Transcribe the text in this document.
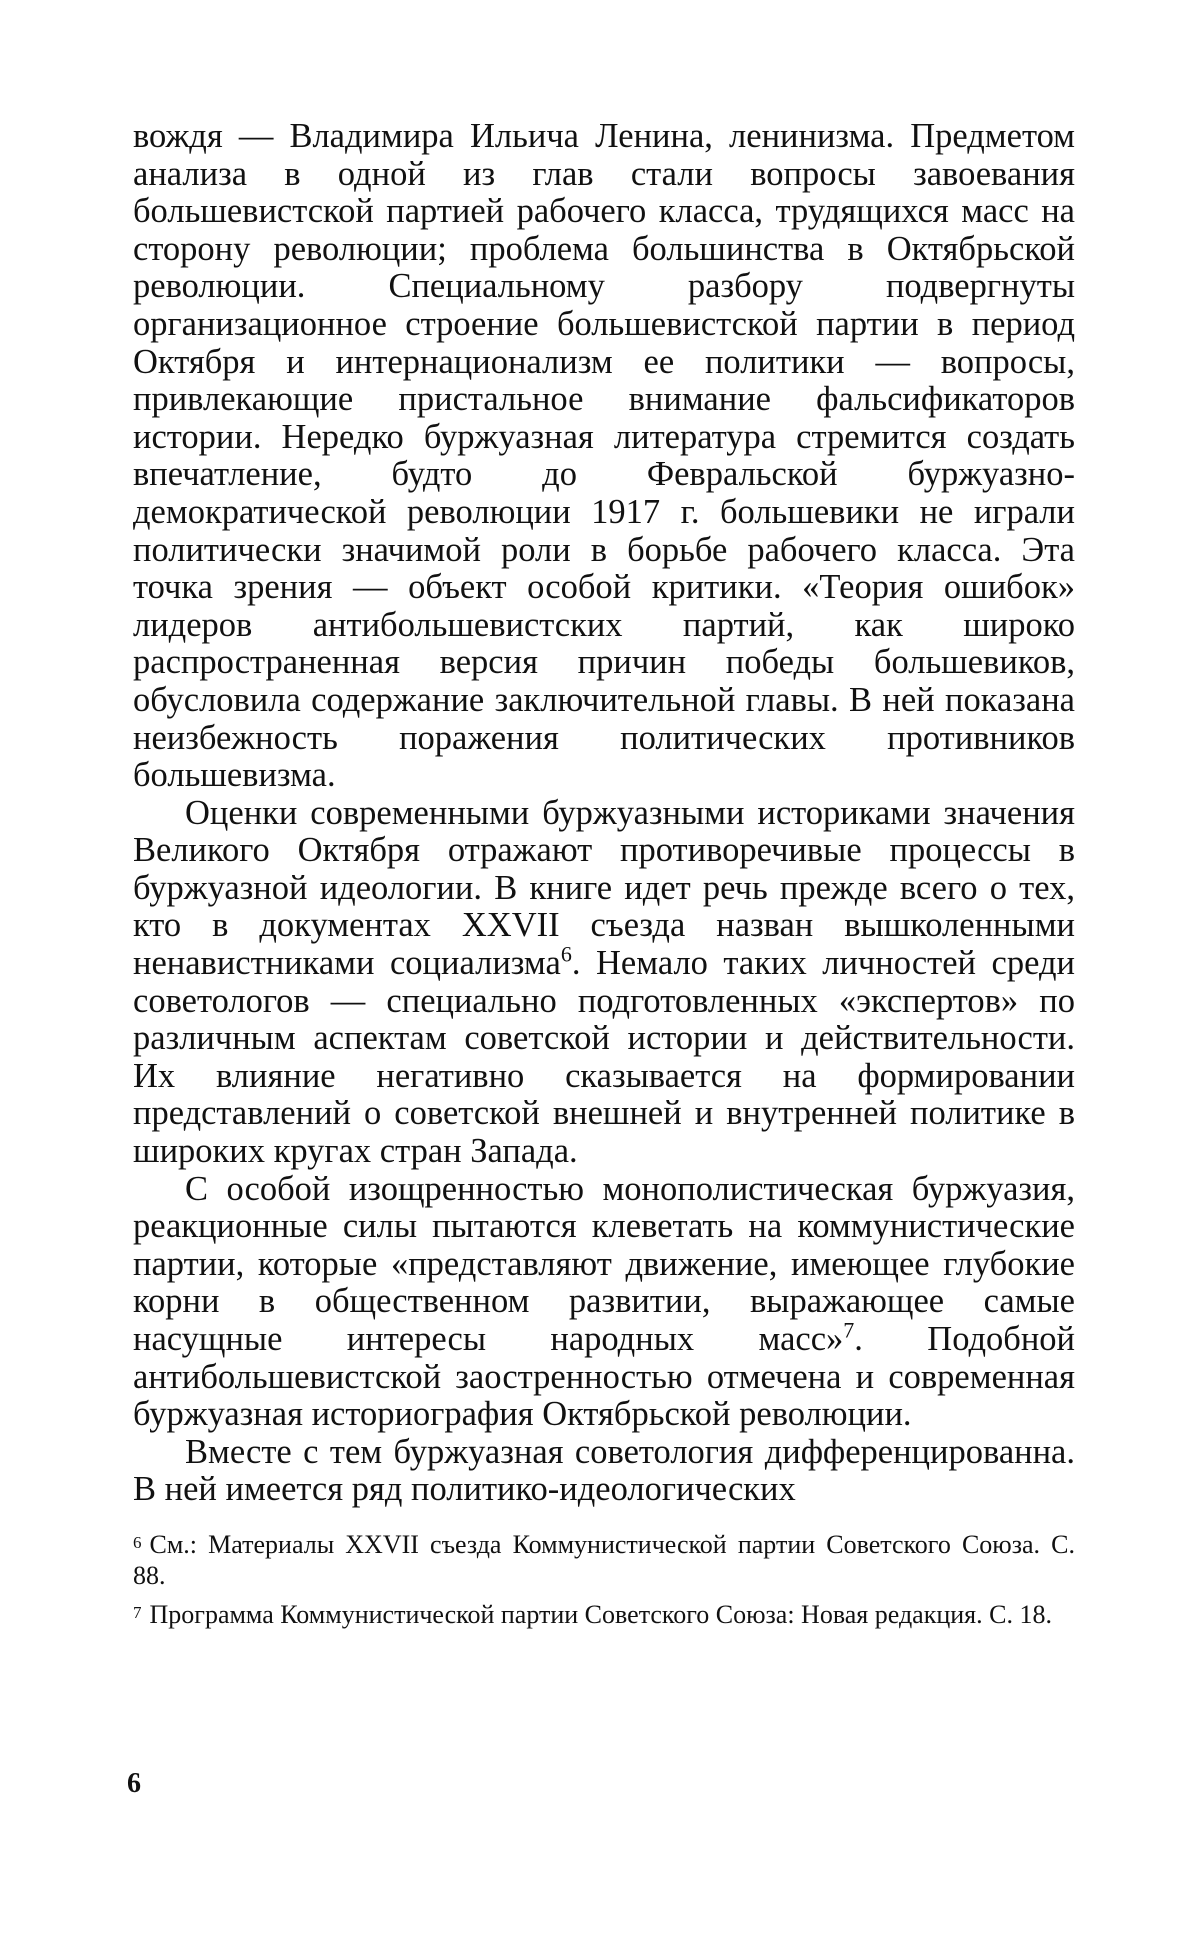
вождя — Владимира Ильича Ленина, ленинизма. Предметом анализа в одной из глав стали вопросы завоевания большевистской партией рабочего класса, трудящихся масс на сторону революции; проблема большинства в Октябрьской революции. Специальному разбору подвергнуты организационное строение большевистской партии в период Октября и интернационализм ее политики — вопросы, привлекающие пристальное внимание фальсификаторов истории. Нередко буржуазная литература стремится создать впечатление, будто до Февральской буржуазно-демократической революции 1917 г. большевики не играли политически значимой роли в борьбе рабочего класса. Эта точка зрения — объект особой критики. «Теория ошибок» лидеров антибольшевистских партий, как широко распространенная версия причин победы большевиков, обусловила содержание заключительной главы. В ней показана неизбежность поражения политических противников большевизма.

Оценки современными буржуазными историками значения Великого Октября отражают противоречивые процессы в буржуазной идеологии. В книге идет речь прежде всего о тех, кто в документах XXVII съезда назван вышколенными ненавистниками социализма$^6$. Немало таких личностей среди советологов — специально подготовленных «экспертов» по различным аспектам советской истории и действительности. Их влияние негативно сказывается на формировании представлений о советской внешней и внутренней политике в широких кругах стран Запада.

С особой изощренностью монополистическая буржуазия, реакционные силы пытаются клеветать на коммунистические партии, которые «представляют движение, имеющее глубокие корни в общественном развитии, выражающее самые насущные интересы народных масс»$^7$. Подобной антибольшевистской заостренностью отмечена и современная буржуазная историография Октябрьской революции.

Вместе с тем буржуазная советология дифференцированна. В ней имеется ряд политико-идеологических

$^6$ См.: Материалы XXVII съезда Коммунистической партии Советского Союза. С. 88.

$^7$ Программа Коммунистической партии Советского Союза: Новая редакция. С. 18.

6
